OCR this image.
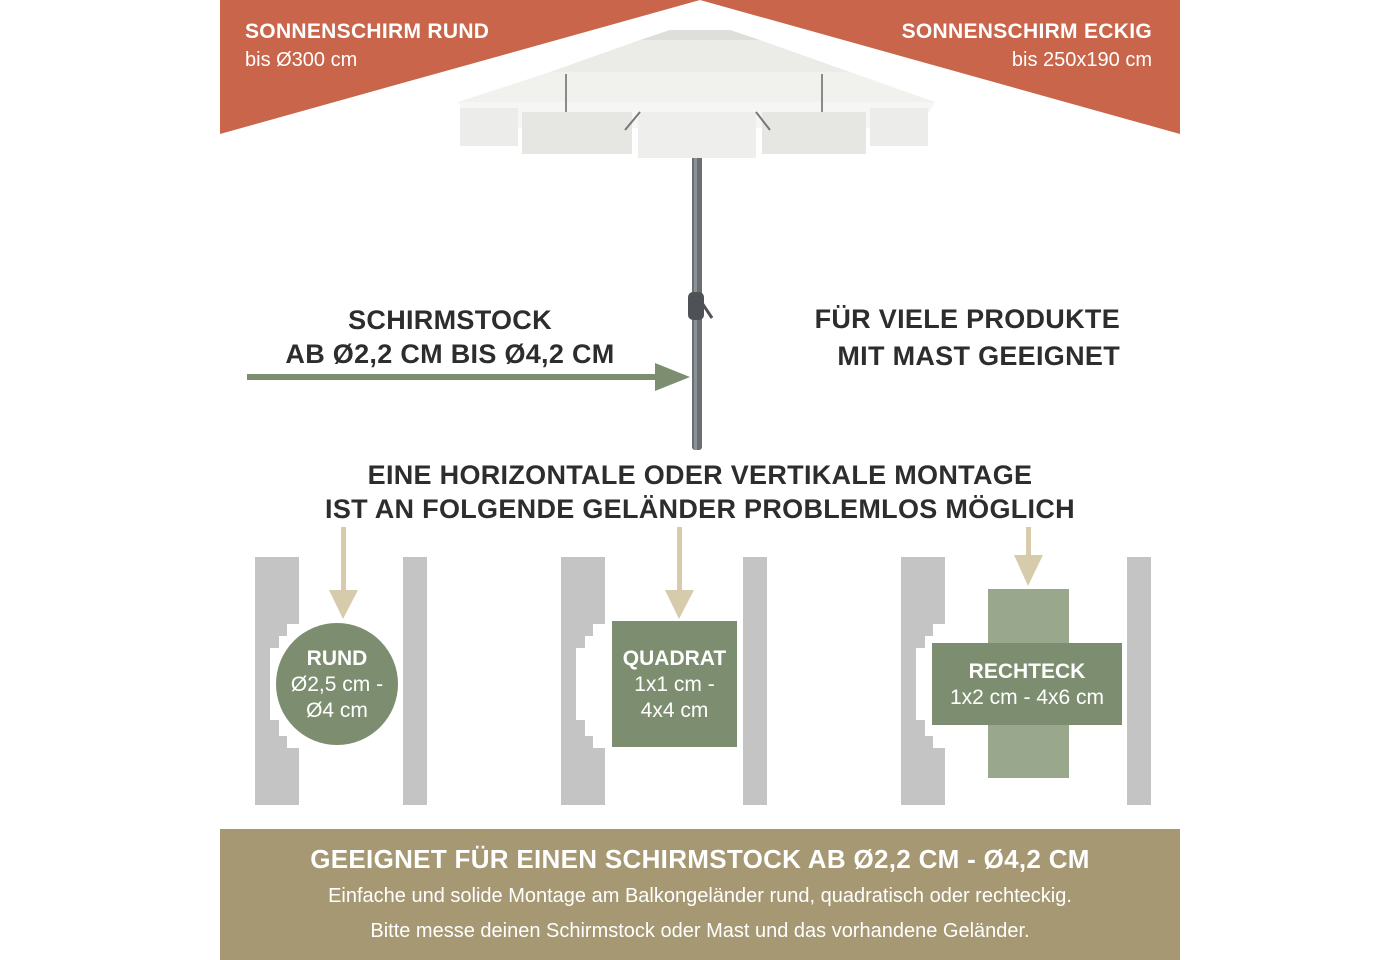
SONNENSCHIRM RUND
bis Ø300 cm
SONNENSCHIRM ECKIG
bis 250x190 cm
SCHIRMSTOCK
AB Ø2,2 CM BIS Ø4,2 CM
FÜR VIELE PRODUKTE
MIT MAST GEEIGNET
EINE HORIZONTALE ODER VERTIKALE MONTAGE
IST AN FOLGENDE GELÄNDER PROBLEMLOS MÖGLICH
RUND
Ø2,5 cm -
Ø4 cm
QUADRAT
1x1 cm -
4x4 cm
RECHTECK
1x2 cm - 4x6 cm
GEEIGNET FÜR EINEN SCHIRMSTOCK AB Ø2,2 CM - Ø4,2 CM
Einfache und solide Montage am Balkongeländer rund, quadratisch oder rechteckig.
Bitte messe deinen Schirmstock oder Mast und das vorhandene Geländer.
